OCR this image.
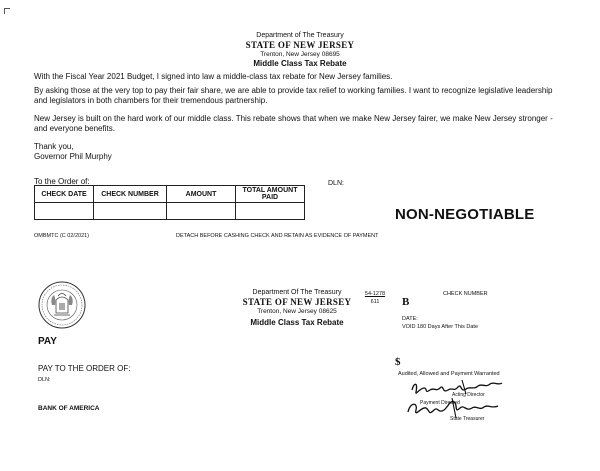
Department of The Treasury
STATE OF NEW JERSEY
Trenton, New Jersey 08695
Middle Class Tax Rebate
With the Fiscal Year 2021 Budget, I signed into law a middle-class tax rebate for New Jersey families.
By asking those at the very top to pay their fair share, we are able to provide tax relief to working families. I want to recognize legislative leadership and legislators in both chambers for their tremendous partnership.
New Jersey is built on the hard work of our middle class. This rebate shows that when we make New Jersey fairer, we make New Jersey stronger - and everyone benefits.
Thank you,
Governor Phil Murphy
To the Order of:
CHECK DATE	CHECK NUMBER	AMOUNT	TOTAL AMOUNT PAID

DLN:
NON-NEGOTIABLE
OMBMTC (C 02/2021)	DETACH BEFORE CASHING CHECK AND RETAIN AS EVIDENCE OF PAYMENT
Department Of The Treasury
STATE OF NEW JERSEY
Trenton, New Jersey 08625
Middle Class Tax Rebate
54-1278
611	B
CHECK NUMBER
DATE:
VOID 180 Days After This Date
PAY
PAY TO THE ORDER OF:
DLN:
BANK OF AMERICA
$
Audited, Allowed and Payment Warranted
Acting Director
Payment Directed
State Treasurer
